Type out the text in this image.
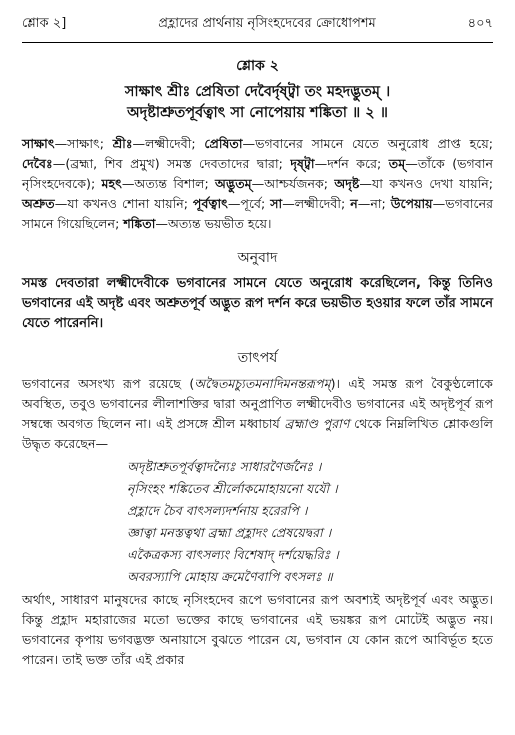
শ্লোক ২]	প্রহ্লাদের প্রার্থনায় নৃসিংহদেবের ক্রোধোপশম	৪০৭

শ্লোক ২

সাক্ষাৎ শ্রীঃ প্রেষিতা দেবৈর্দৃষ্ট্বা তং মহদদ্ভুতম্ ।

অদৃষ্টাশ্রুতপূর্বত্বাৎ সা নোপেয়ায় শঙ্কিতা ॥ ২ ॥

সাক্ষাৎ—সাক্ষাৎ; শ্রীঃ—লক্ষ্মীদেবী; প্রেষিতা—ভগবানের সামনে যেতে অনুরোধ প্রাপ্ত হয়ে; দেবৈঃ—(ব্রহ্মা, শিব প্রমুখ) সমস্ত দেবতাদের দ্বারা; দৃষ্ট্বা—দর্শন করে; তম্—তাঁকে (ভগবান নৃসিংহদেবকে); মহৎ—অত্যন্ত বিশাল; অদ্ভুতম্—আশ্চর্যজনক; অদৃষ্ট—যা কখনও দেখা যায়নি; অশ্রুত—যা কখনও শোনা যায়নি; পূর্বত্বাৎ—পূর্বে; সা—লক্ষ্মীদেবী; ন—না; উপেয়ায়—ভগবানের সামনে গিয়েছিলেন; শঙ্কিতা—অত্যন্ত ভয়ভীত হয়ে।

অনুবাদ

সমস্ত দেবতারা লক্ষ্মীদেবীকে ভগবানের সামনে যেতে অনুরোধ করেছিলেন, কিন্তু তিনিও ভগবানের এই অদৃষ্ট এবং অশ্রুতপূর্ব অদ্ভুত রূপ দর্শন করে ভয়ভীত হওয়ার ফলে তাঁর সামনে যেতে পারেননি।

তাৎপর্য

ভগবানের অসংখ্য রূপ রয়েছে (অদ্বৈতমচ্যুতমনাদিমনন্তরূপম্)। এই সমস্ত রূপ বৈকুণ্ঠলোকে অবস্থিত, তবুও ভগবানের লীলাশক্তির দ্বারা অনুপ্রাণিত লক্ষ্মীদেবীও ভগবানের এই অদৃষ্টপূর্ব রূপ সম্বন্ধে অবগত ছিলেন না। এই প্রসঙ্গে শ্রীল মধ্বাচার্য ব্রহ্মাণ্ড পুরাণ থেকে নিম্নলিখিত শ্লোকগুলি উদ্ধৃত করেছেন—
অদৃষ্টাশ্রুতপূর্বত্বাদন্যৈঃ সাধারণৈর্জনৈঃ ।
নৃসিংহং শঙ্কিতেব শ্রীর্লোকমোহায়নো যযৌ ।
প্রহ্লাদে চৈব বাৎসল্যদর্শনায় হরেরপি ।
জ্ঞাত্বা মনস্তত্বথা ব্রহ্মা প্রহ্লাদং প্রেষয়েদ্বরা ।
একৈত্রকস্য বাৎসল্যং বিশেষাদ্ দর্শয়েদ্ধরিঃ ।
অবরস্যাপি মোহায় ক্রমেণৈবাপি বৎসলঃ ॥
অর্থাৎ, সাধারণ মানুষদের কাছে নৃসিংহদেব রূপে ভগবানের রূপ অবশ্যই অদৃষ্টপূর্ব এবং অদ্ভুত। কিন্তু প্রহ্লাদ মহারাজের মতো ভক্তের কাছে ভগবানের এই ভয়ঙ্কর রূপ মোটেই অদ্ভুত নয়। ভগবানের কৃপায় ভগবদ্ভক্ত অনায়াসে বুঝতে পারেন যে, ভগবান যে কোন রূপে আবির্ভূত হতে পারেন। তাই ভক্ত তাঁর এই প্রকার
